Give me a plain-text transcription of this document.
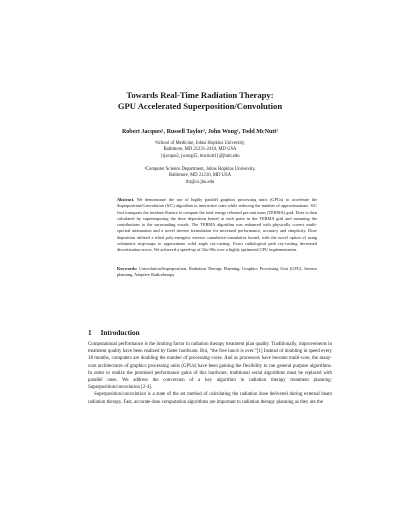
Towards Real-Time Radiation Therapy:
GPU Accelerated Superposition/Convolution
Robert Jacques¹, Russell Taylor², John Wong¹, Todd McNutt¹
¹School of Medicine, Johns Hopkins University,
Baltimore, MD 21231-2410, MD USA
{rjacque2, jwong35, tmcnutt1}@jhmi.edu
²Computer Science Department, Johns Hopkins University,
Baltimore, MD 21210, MD USA
rht@cs.jhu.edu
Abstract. We demonstrate the use of highly parallel graphics processing units (GPUs) to accelerate the Superposition/Convolution (S/C) algorithm to interactive rates while reducing the number of approximations. S/C first transports the incident fluence to compute the total energy released per unit mass (TERMA) grid. Dose is then calculated by superimposing the dose deposition kernel at each point in the TERMA grid and summing the contributions to the surrounding voxels. The TERMA algorithm was enhanced with physically correct multi-spectral attenuation and a novel inverse formulation for increased performance, accuracy and simplicity. Dose deposition utilized a tilted poly-energetic inverse cumulative-cumulative kernel, with the novel option of using volumetric mip-maps to approximate solid angle ray-casting. Exact radiological path ray-casting decreased discretization errors. We achieved a speed-up of 34x-98x over a highly optimized CPU implementation.
Keywords: Convolution/Superposition, Radiation Therapy Planning, Graphics Processing Unit (GPU), Inverse planning, Adaptive Radiotherapy
1 Introduction

Computational performance is the limiting factor in radiation therapy treatment plan quality. Traditionally, improvements in treatment quality have been realized by faster hardware. But, “the free lunch is over.”[1] Instead of doubling in speed every 18 months, computers are doubling the number of processing cores. And as processors have become multi-core, the many-core architectures of graphics processing units (GPUs) have been gaining the flexibility to run general purpose algorithms. In order to realize the promised performance gains of this hardware, traditional serial algorithms must be replaced with parallel ones. We address the conversion of a key algorithm in radiation therapy treatment planning: Superposition/convolution [2-4].

Superposition/convolution is a state of the art method of calculating the radiation dose delivered during external beam radiation therapy. Fast, accurate dose computation algorithms are important to radiation therapy planning as they are the
